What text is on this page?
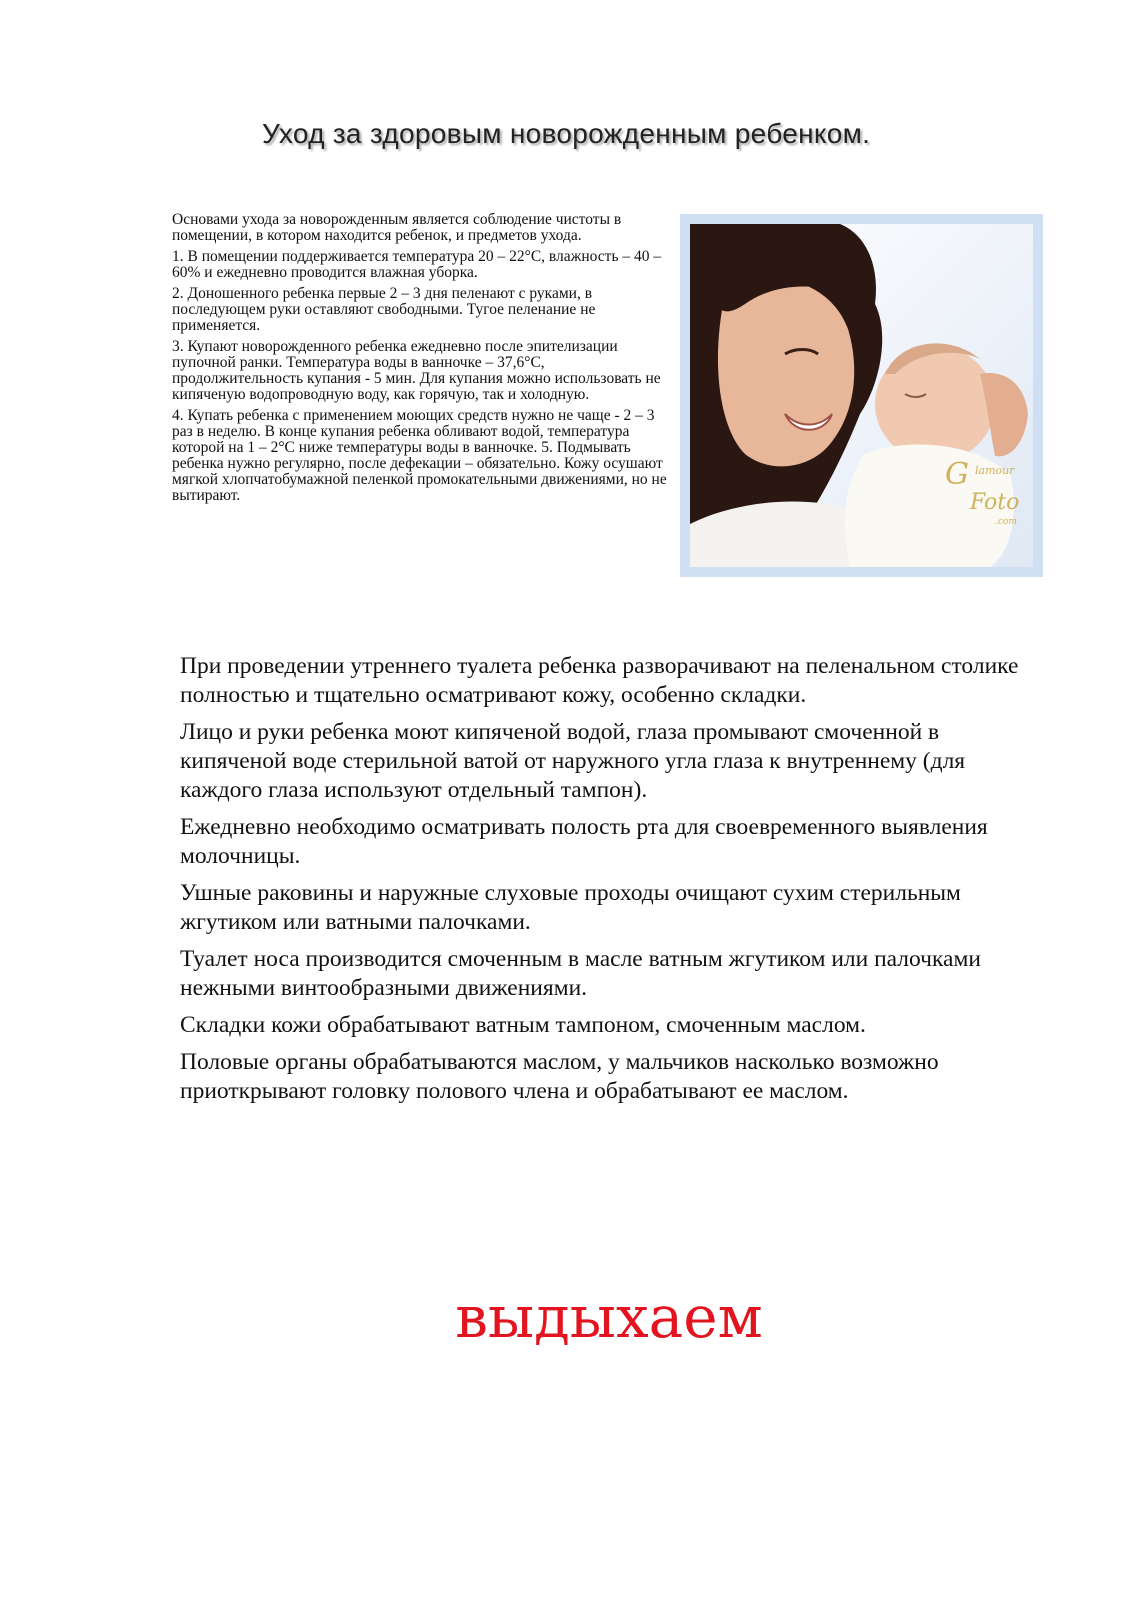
Уход за здоровым новорожденным ребенком.

Основами ухода за новорожденным является соблюдение чистоты в помещении, в котором находится ребенок, и предметов ухода.

1. В помещении поддерживается температура 20 – 22°С, влажность – 40 – 60% и ежедневно проводится влажная уборка.

2. Доношенного ребенка первые 2 – 3 дня пеленают с руками, в последующем руки оставляют свободными. Тугое пеленание не применяется.

3. Купают новорожденного ребенка ежедневно после эпителизации пупочной ранки. Температура воды в ванночке – 37,6°С, продолжительность купания - 5 мин. Для купания можно использовать не кипяченую водопроводную воду, как горячую, так и холодную.

4. Купать ребенка с применением моющих средств нужно не чаще - 2 – 3 раз в неделю. В конце купания ребенка обливают водой, температура которой на 1 – 2°С ниже температуры воды в ванночке. 5. Подмывать ребенка нужно регулярно, после дефекации – обязательно. Кожу осушают мягкой хлопчатобумажной пеленкой промокательными движениями, но не вытирают.

G lamour
Foto
.com

При проведении утреннего туалета ребенка разворачивают на пеленальном столике полностью и тщательно осматривают кожу, особенно складки.

Лицо и руки ребенка моют кипяченой водой, глаза промывают смоченной в кипяченой воде стерильной ватой от наружного угла глаза к внутреннему (для каждого глаза используют отдельный тампон).

Ежедневно необходимо осматривать полость рта для своевременного выявления молочницы.

Ушные раковины и наружные слуховые проходы очищают сухим стерильным жгутиком или ватными палочками.

Туалет носа производится смоченным в масле ватным жгутиком или палочками нежными винтообразными движениями.

Складки кожи обрабатывают ватным тампоном, смоченным маслом.

Половые органы обрабатываются маслом, у мальчиков насколько возможно приоткрывают головку полового члена и обрабатывают ее маслом.

выдыхаем
